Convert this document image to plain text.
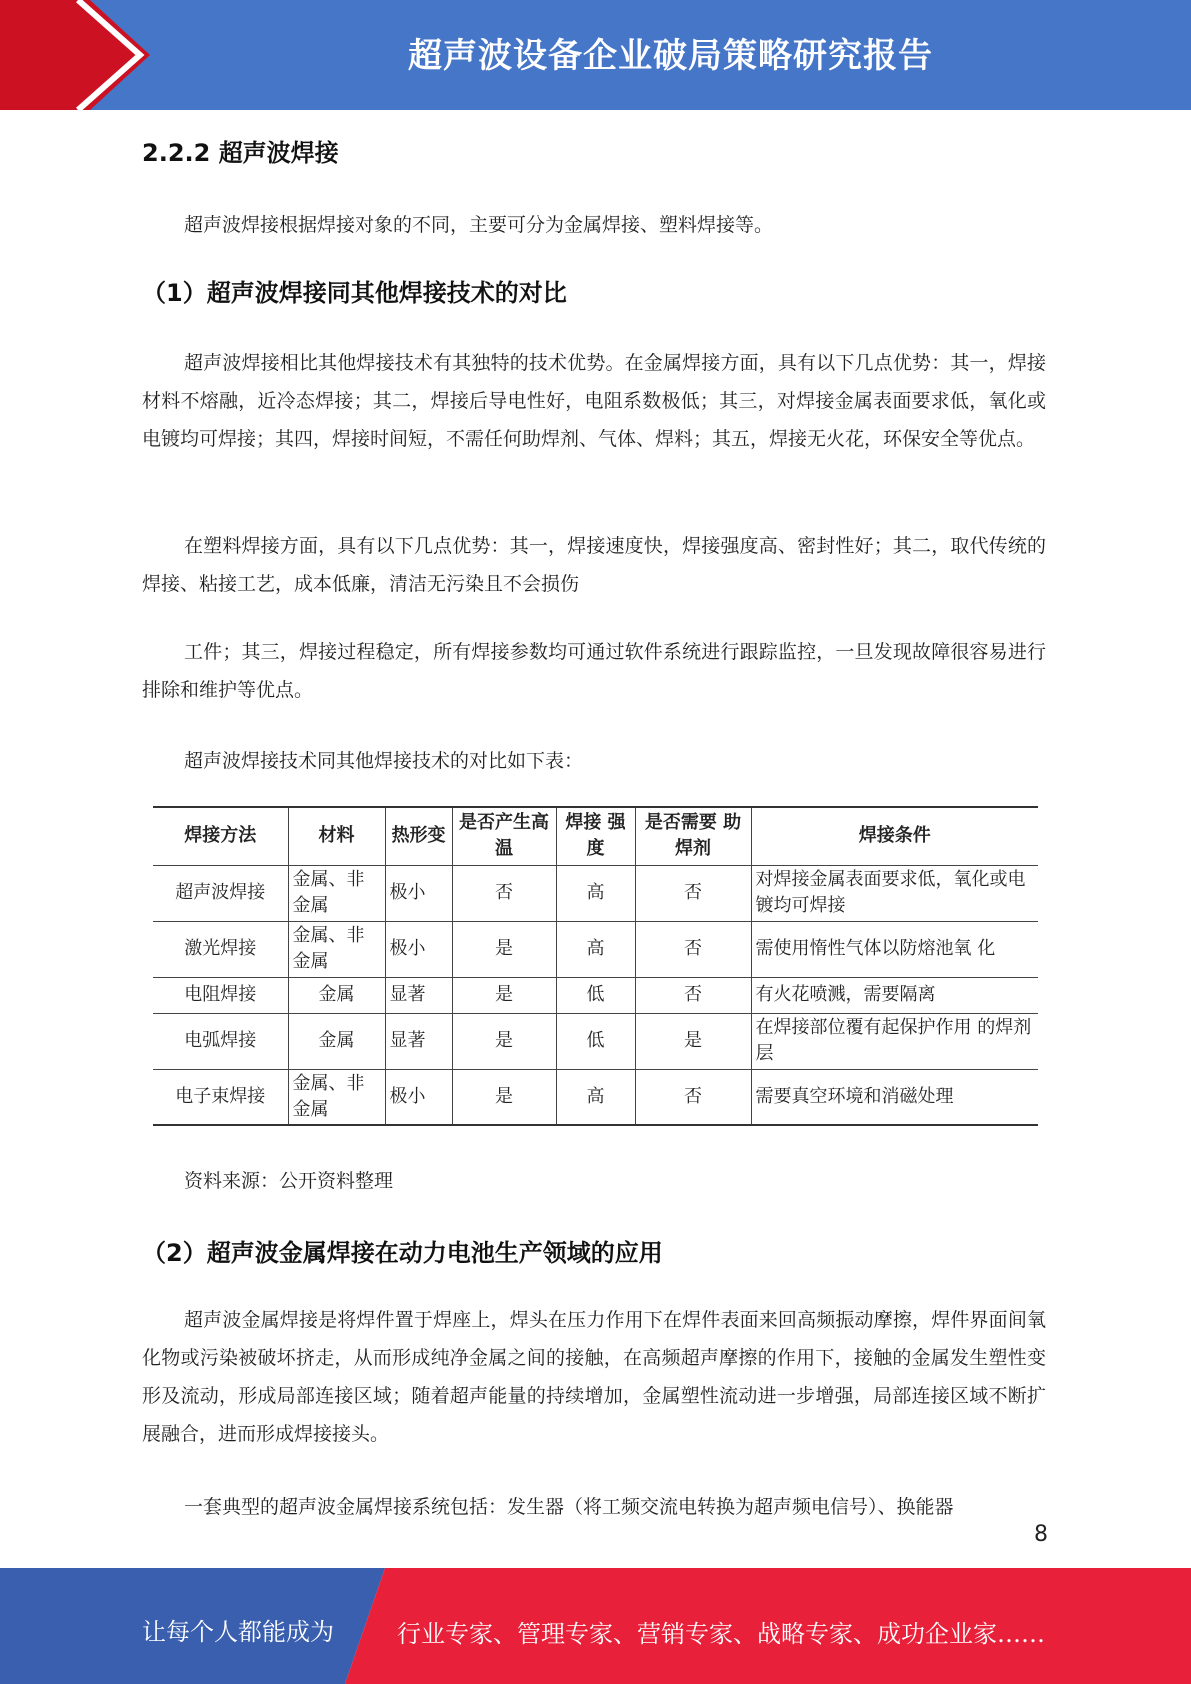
超声波设备企业破局策略研究报告
2.2.2 超声波焊接

超声波焊接根据焊接对象的不同，主要可分为金属焊接、塑料焊接等。

（1）超声波焊接同其他焊接技术的对比

超声波焊接相比其他焊接技术有其独特的技术优势。在金属焊接方面，具有以下几点优势：其一，焊接材料不熔融，近冷态焊接；其二，焊接后导电性好，电阻系数极低；其三，对焊接金属表面要求低，氧化或电镀均可焊接；其四，焊接时间短，不需任何助焊剂、气体、焊料；其五，焊接无火花，环保安全等优点。

在塑料焊接方面，具有以下几点优势：其一，焊接速度快，焊接强度高、密封性好；其二，取代传统的焊接、粘接工艺，成本低廉，清洁无污染且不会损伤

工件；其三，焊接过程稳定，所有焊接参数均可通过软件系统进行跟踪监控，一旦发现故障很容易进行排除和维护等优点。

超声波焊接技术同其他焊接技术的对比如下表：

焊接方法	材料	热形变	是否产生高温	焊接 强度	是否需要 助焊剂	焊接条件
超声波焊接	金属、非金属	极小	否	高	否	对焊接金属表面要求低，氧化或电镀均可焊接
激光焊接	金属、非金属	极小	是	高	否	需使用惰性气体以防熔池氧 化
电阻焊接	金属	显著	是	低	否	有火花喷溅，需要隔离
电弧焊接	金属	显著	是	低	是	在焊接部位覆有起保护作用 的焊剂层
电子束焊接	金属、非金属	极小	是	高	否	需要真空环境和消磁处理

资料来源：公开资料整理

（2）超声波金属焊接在动力电池生产领域的应用

超声波金属焊接是将焊件置于焊座上，焊头在压力作用下在焊件表面来回高频振动摩擦，焊件界面间氧化物或污染被破坏挤走，从而形成纯净金属之间的接触，在高频超声摩擦的作用下，接触的金属发生塑性变形及流动，形成局部连接区域；随着超声能量的持续增加，金属塑性流动进一步增强，局部连接区域不断扩展融合，进而形成焊接接头。

一套典型的超声波金属焊接系统包括：发生器（将工频交流电转换为超声频电信号）、换能器

8
让每个人都能成为	行业专家、管理专家、营销专家、战略专家、成功企业家……
